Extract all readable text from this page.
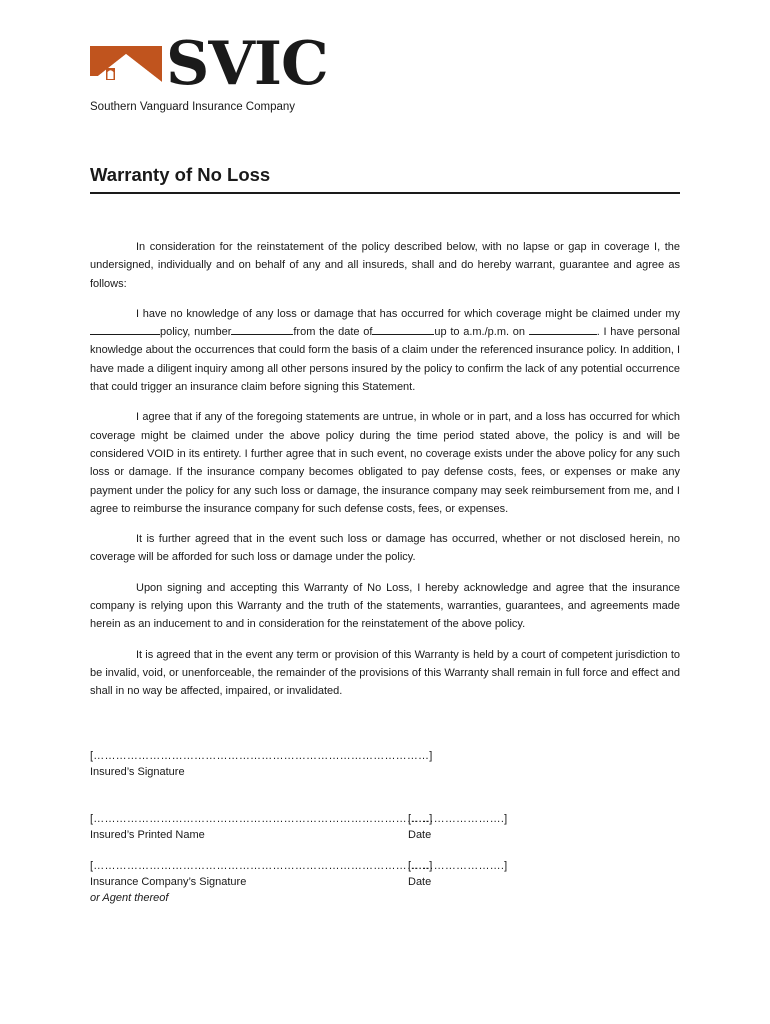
SVIC
Southern Vanguard Insurance Company
Warranty of No Loss

In consideration for the reinstatement of the policy described below, with no lapse or gap in coverage I, the undersigned, individually and on behalf of any and all insureds, shall and do hereby warrant, guarantee and agree as follows:

I have no knowledge of any loss or damage that has occurred for which coverage might be claimed under mypolicy, number	from the date of	up to a.m./p.m. on	. I have personal knowledge about the occurrences that could form the basis of a claim under the referenced insurance policy. In addition, I have made a diligent inquiry among all other persons insured by the policy to confirm the lack of any potential occurrence that could trigger an insurance claim before signing this Statement.

I agree that if any of the foregoing statements are untrue, in whole or in part, and a loss has occurred for which coverage might be claimed under the above policy during the time period stated above, the policy is and will be considered VOID in its entirety. I further agree that in such event, no coverage exists under the above policy for any such loss or damage. If the insurance company becomes obligated to pay defense costs, fees, or expenses or make any payment under the policy for any such loss or damage, the insurance company may seek reimbursement from me, and I agree to reimburse the insurance company for such defense costs, fees, or expenses.

It is further agreed that in the event such loss or damage has occurred, whether or not disclosed herein, no coverage will be afforded for such loss or damage under the policy.

Upon signing and accepting this Warranty of No Loss, I hereby acknowledge and agree that the insurance company is relying upon this Warranty and the truth of the statements, warranties, guarantees, and agreements made herein as an inducement to and in consideration for the reinstatement of the above policy.

It is agreed that in the event any term or provision of this Warranty is held by a court of competent jurisdiction to be invalid, void, or unenforceable, the remainder of the provisions of this Warranty shall remain in full force and effect and shall in no way be affected, impaired, or invalidated.

[………………………………………………………………………………]
Insured’s Signature
[………………………………………………………………………………]
Insured’s Printed Name
[…………………….]
Date
[………………………………………………………………………………]
Insurance Company’s Signature
or Agent thereof
[…………………….]
Date
